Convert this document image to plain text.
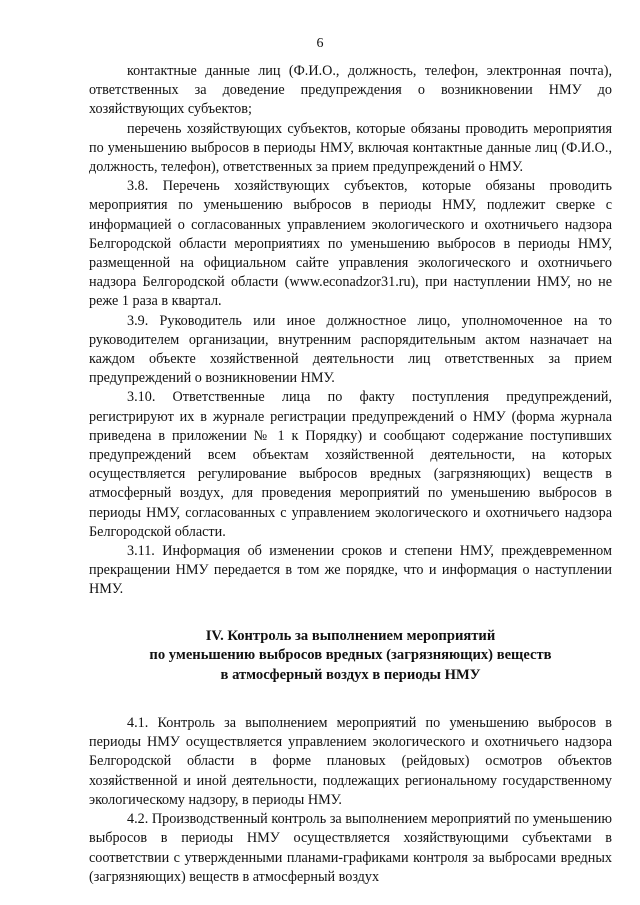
6

контактные данные лиц (Ф.И.О., должность, телефон, электронная почта), ответственных за доведение предупреждения о возникновении НМУ до хозяйствующих субъектов;

перечень хозяйствующих субъектов, которые обязаны проводить мероприятия по уменьшению выбросов в периоды НМУ, включая контактные данные лиц (Ф.И.О., должность, телефон), ответственных за прием предупреждений о НМУ.

3.8. Перечень хозяйствующих субъектов, которые обязаны проводить мероприятия по уменьшению выбросов в периоды НМУ, подлежит сверке с информацией о согласованных управлением экологического и охотничьего надзора Белгородской области мероприятиях по уменьшению выбросов в периоды НМУ, размещенной на официальном сайте управления экологического и охотничьего надзора Белгородской области (www.econadzor31.ru), при наступлении НМУ, но не реже 1 раза в квартал.

3.9. Руководитель или иное должностное лицо, уполномоченное на то руководителем организации, внутренним распорядительным актом назначает на каждом объекте хозяйственной деятельности лиц ответственных за прием предупреждений о возникновении НМУ.

3.10. Ответственные лица по факту поступления предупреждений, регистрируют их в журнале регистрации предупреждений о НМУ (форма журнала приведена в приложении № 1 к Порядку) и сообщают содержание поступивших предупреждений всем объектам хозяйственной деятельности, на которых осуществляется регулирование выбросов вредных (загрязняющих) веществ в атмосферный воздух, для проведения мероприятий по уменьшению выбросов в периоды НМУ, согласованных с управлением экологического и охотничьего надзора Белгородской области.

3.11. Информация об изменении сроков и степени НМУ, преждевременном прекращении НМУ передается в том же порядке, что и информация о наступлении НМУ.

IV. Контроль за выполнением мероприятий
по уменьшению выбросов вредных (загрязняющих) веществ
в атмосферный воздух в периоды НМУ

4.1. Контроль за выполнением мероприятий по уменьшению выбросов в периоды НМУ осуществляется управлением экологического и охотничьего надзора Белгородской области в форме плановых (рейдовых) осмотров объектов хозяйственной и иной деятельности, подлежащих региональному государственному экологическому надзору, в периоды НМУ.

4.2. Производственный контроль за выполнением мероприятий по уменьшению выбросов в периоды НМУ осуществляется хозяйствующими субъектами в соответствии с утвержденными планами-графиками контроля за выбросами вредных (загрязняющих) веществ в атмосферный воздух
